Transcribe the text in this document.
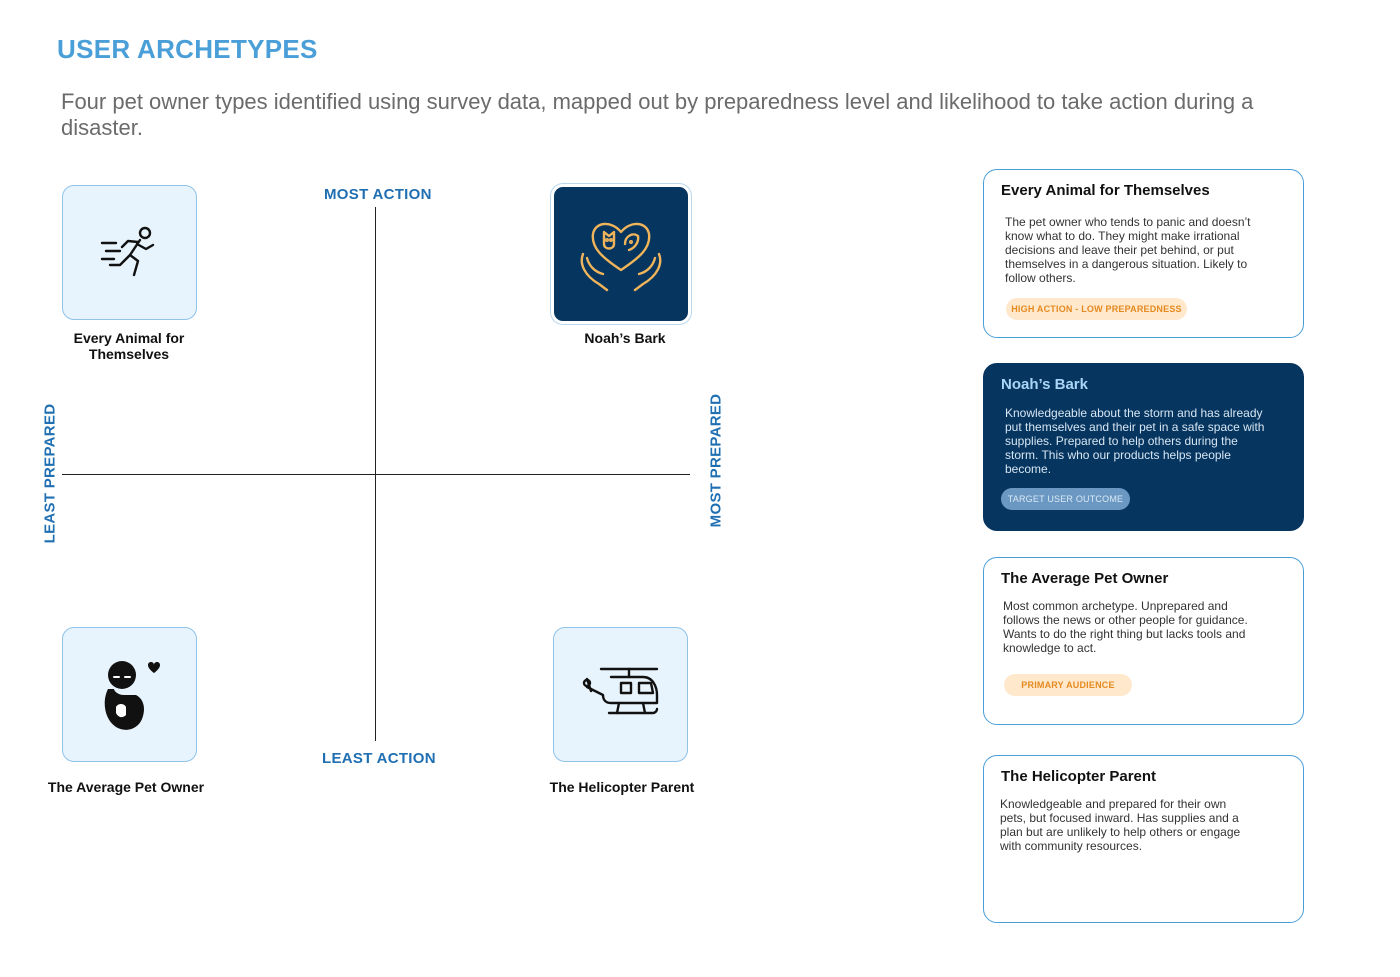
USER ARCHETYPES

Four pet owner types identified using survey data, mapped out by preparedness level and likelihood to take action during a disaster.

MOST ACTION
LEAST ACTION
LEAST PREPARED	MOST PREPARED
Every Animal for Themselves
Noah’s Bark
The Average Pet Owner	The Helicopter Parent
Every Animal for Themselves

The pet owner who tends to panic and doesn’t know what to do. They might make irrational decisions and leave their pet behind, or put themselves in a dangerous situation. Likely to follow others.

HIGH ACTION - LOW PREPAREDNESS
Noah’s Bark

Knowledgeable about the storm and has already put themselves and their pet in a safe space with supplies. Prepared to help others during the storm. This who our products helps people become.

TARGET USER OUTCOME
The Average Pet Owner

Most common archetype. Unprepared and follows the news or other people for guidance. Wants to do the right thing but lacks tools and knowledge to act.

PRIMARY AUDIENCE
The Helicopter Parent

Knowledgeable and prepared for their own pets, but focused inward. Has supplies and a plan but are unlikely to help others or engage with community resources.
